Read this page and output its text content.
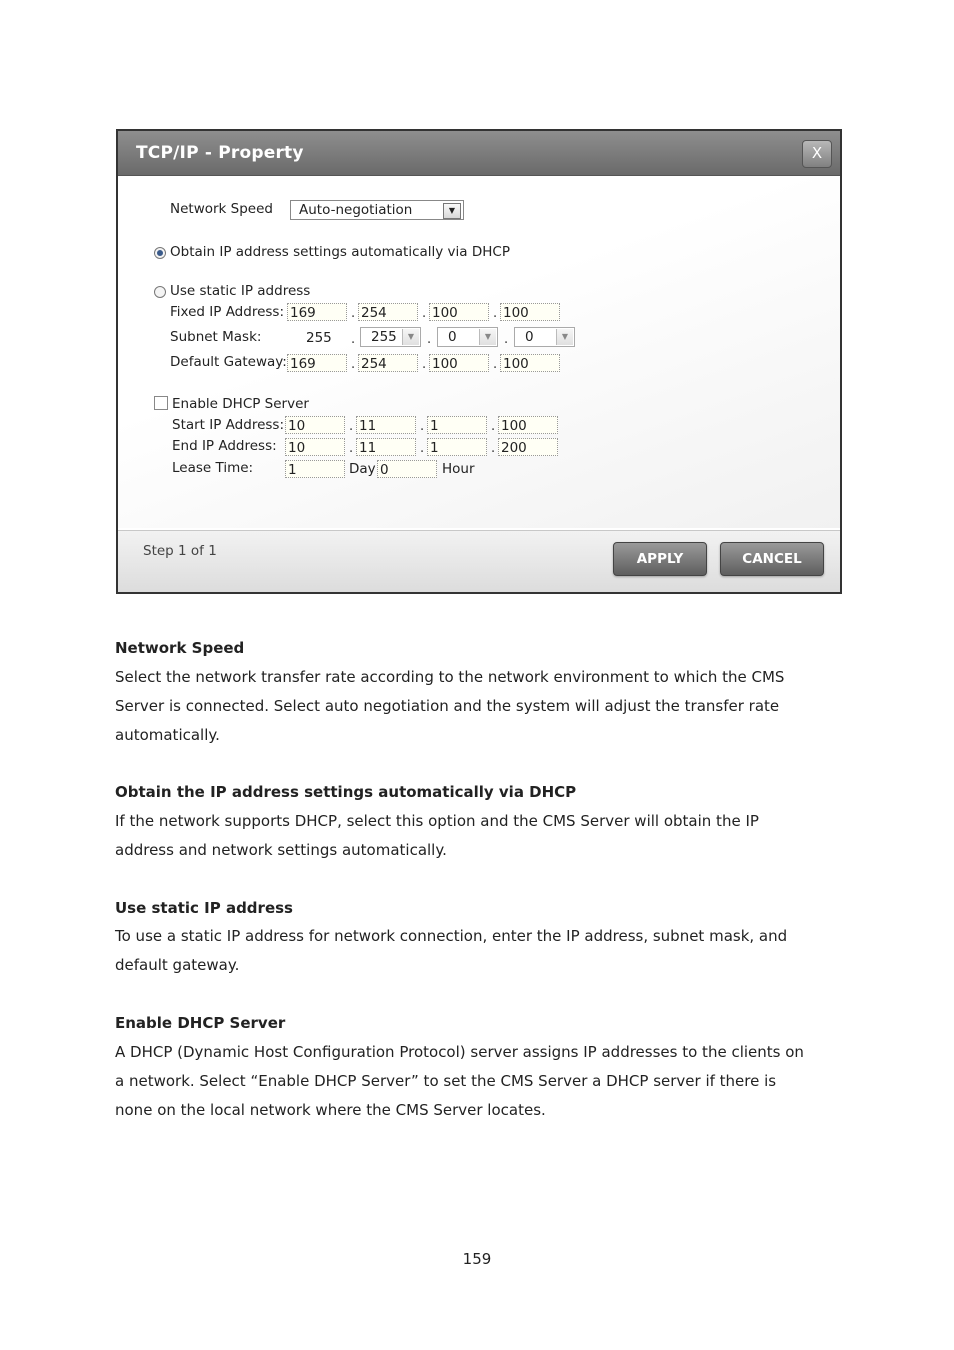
TCP/IP - Property	X
Network Speed	Auto-negotiation	▼
Obtain IP address settings automatically via DHCP
Use static IP address
Fixed IP Address: 169	. 254	. 100	. 100
Subnet Mask:	255 .	255	▼ .	0	▼ .	0	▼
Default Gateway: 169	. 254	. 100	. 100
Enable DHCP Server
Start IP Address: 10	. 11	. 1	. 100
End IP Address: 10	. 11	. 1	. 200
Lease Time:	1	Day 0	Hour
Step 1 of 1	APPLY	CANCEL
Network Speed
Select the network transfer rate according to the network environment to which the CMS
Server is connected. Select auto negotiation and the system will adjust the transfer rate
automatically.
Obtain the IP address settings automatically via DHCP
If the network supports DHCP, select this option and the CMS Server will obtain the IP
address and network settings automatically.
Use static IP address
To use a static IP address for network connection, enter the IP address, subnet mask, and
default gateway.
Enable DHCP Server
A DHCP (Dynamic Host Configuration Protocol) server assigns IP addresses to the clients on
a network. Select “Enable DHCP Server” to set the CMS Server a DHCP server if there is
none on the local network where the CMS Server locates.
159
